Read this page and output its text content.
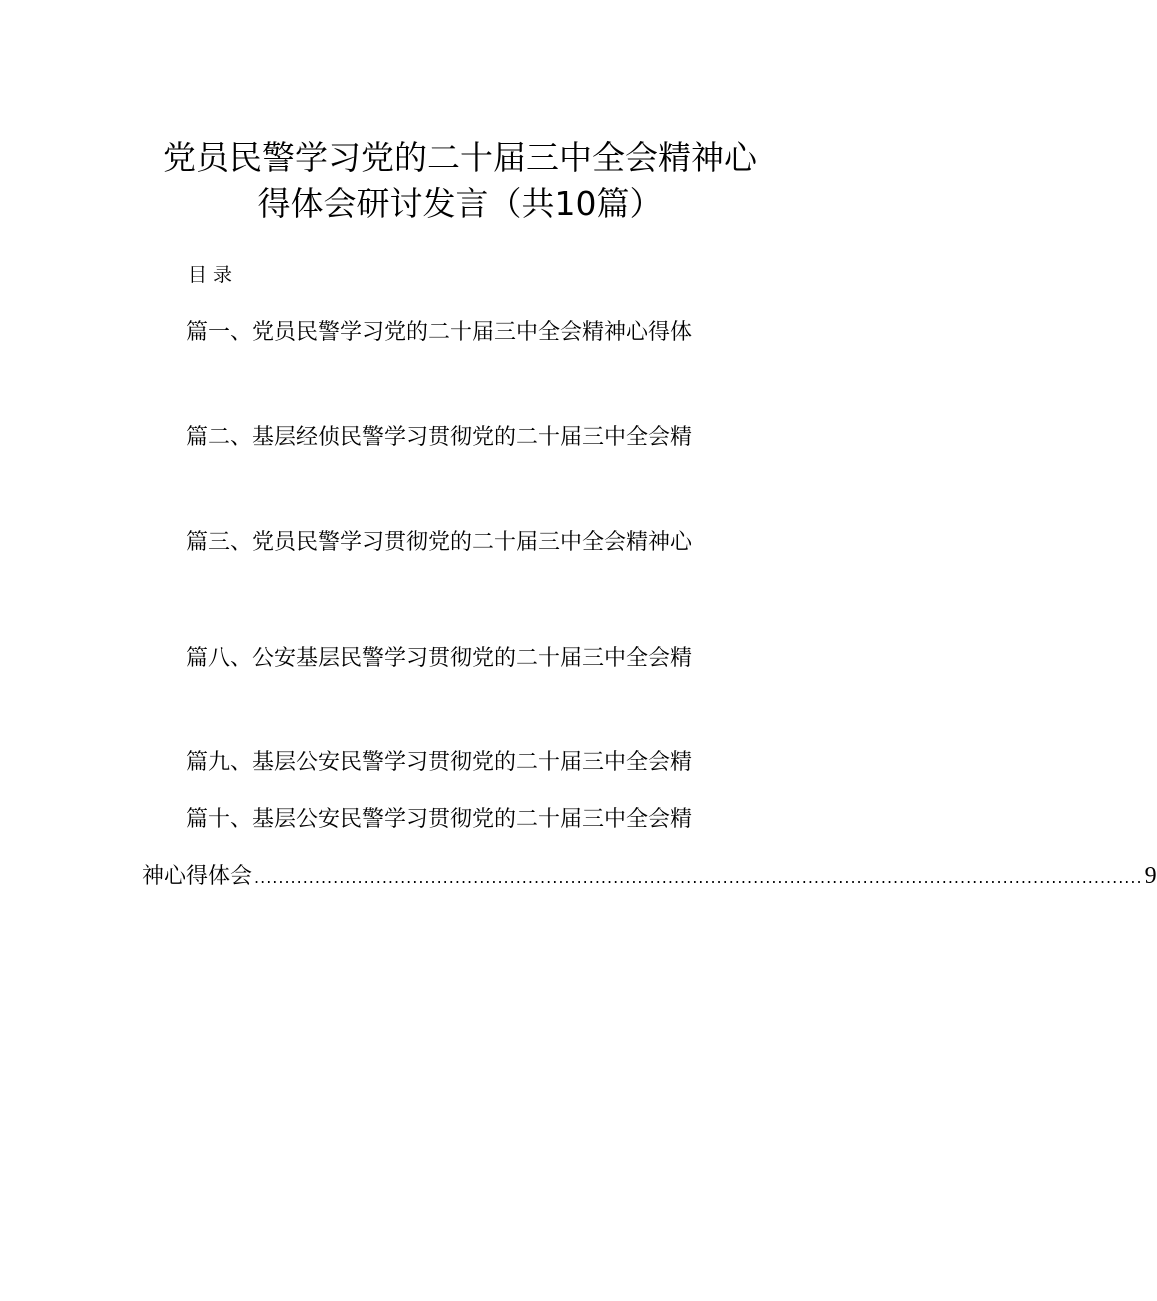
党员民警学习党的二十届三中全会精神心
得体会研讨发言（共10篇）
目录
篇一、党员民警学习党的二十届三中全会精神心得体
篇二、基层经侦民警学习贯彻党的二十届三中全会精
篇三、党员民警学习贯彻党的二十届三中全会精神心
篇八、公安基层民警学习贯彻党的二十届三中全会精
篇九、基层公安民警学习贯彻党的二十届三中全会精
篇十、基层公安民警学习贯彻党的二十届三中全会精
神心得体会 .................................................................................................................................................. 9
